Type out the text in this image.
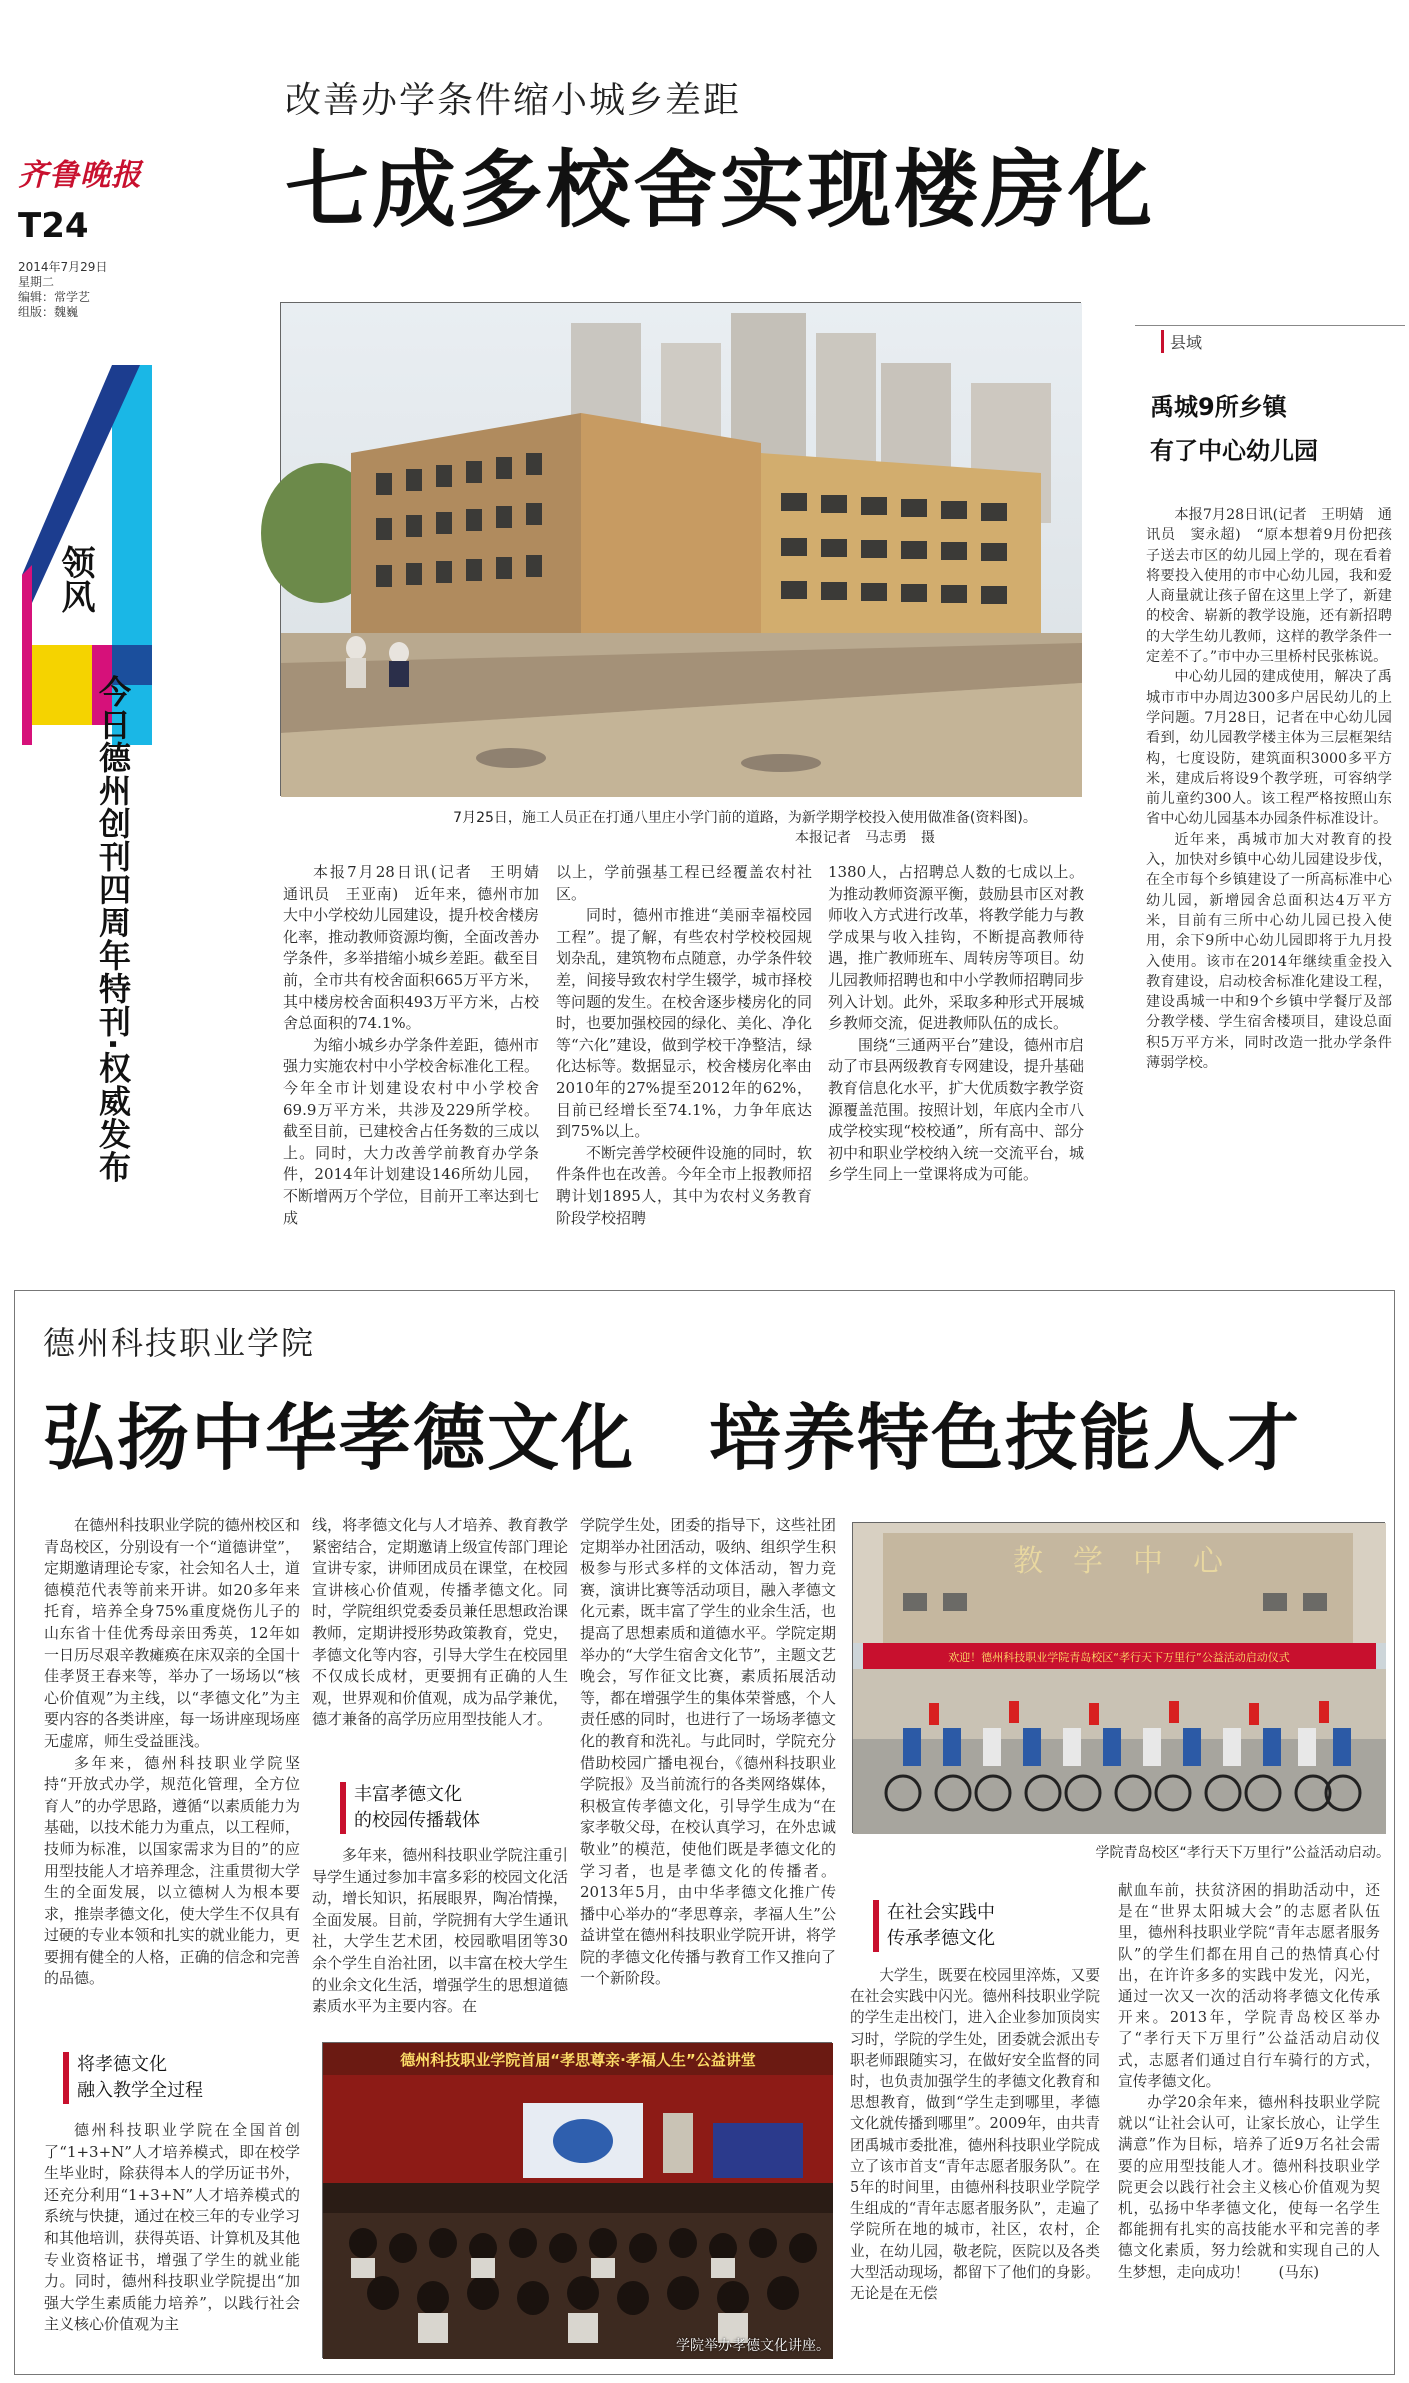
齐鲁晚报
T24
2014年7月29日
星期二
编辑：常学艺
组版：魏巍
领风
今日德州创刊四周年特刊·权威发布
改善办学条件缩小城乡差距
七成多校舍实现楼房化
7月25日，施工人员正在打通八里庄小学门前的道路，为新学期学校投入使用做准备(资料图)。
本报记者　马志勇　摄

本报7月28日讯(记者　王明婧　通讯员　王亚南)　近年来，德州市加大中小学校幼儿园建设，提升校舍楼房化率，推动教师资源均衡，全面改善办学条件，多举措缩小城乡差距。截至目前，全市共有校舍面积665万平方米，其中楼房校舍面积493万平方米，占校舍总面积的74.1%。

为缩小城乡办学条件差距，德州市强力实施农村中小学校舍标准化工程。今年全市计划建设农村中小学校舍69.9万平方米，共涉及229所学校。截至目前，已建校舍占任务数的三成以上。同时，大力改善学前教育办学条件，2014年计划建设146所幼儿园，不断增两万个学位，目前开工率达到七成

以上，学前强基工程已经覆盖农村社区。

同时，德州市推进“美丽幸福校园工程”。提了解，有些农村学校校园规划杂乱，建筑物布点随意，办学条件较差，间接导致农村学生辍学，城市择校等问题的发生。在校舍逐步楼房化的同时，也要加强校园的绿化、美化、净化等“六化”建设，做到学校干净整洁，绿化达标等。数据显示，校舍楼房化率由2010年的27%提至2012年的62%，目前已经增长至74.1%，力争年底达到75%以上。

不断完善学校硬件设施的同时，软件条件也在改善。今年全市上报教师招聘计划1895人，其中为农村义务教育阶段学校招聘

1380人，占招聘总人数的七成以上。为推动教师资源平衡，鼓励县市区对教师收入方式进行改革，将教学能力与教学成果与收入挂钩，不断提高教师待遇，推广教师班车、周转房等项目。幼儿园教师招聘也和中小学教师招聘同步列入计划。此外，采取多种形式开展城乡教师交流，促进教师队伍的成长。

围绕“三通两平台”建设，德州市启动了市县两级教育专网建设，提升基础教育信息化水平，扩大优质数字教学资源覆盖范围。按照计划，年底内全市八成学校实现“校校通”，所有高中、部分初中和职业学校纳入统一交流平台，城乡学生同上一堂课将成为可能。

县域
禹城9所乡镇
有了中心幼儿园

本报7月28日讯(记者　王明婧　通讯员　窦永超)　“原本想着9月份把孩子送去市区的幼儿园上学的，现在看着将要投入使用的市中心幼儿园，我和爱人商量就让孩子留在这里上学了，新建的校舍、崭新的教学设施，还有新招聘的大学生幼儿教师，这样的教学条件一定差不了。”市中办三里桥村民张栋说。

中心幼儿园的建成使用，解决了禹城市市中办周边300多户居民幼儿的上学问题。7月28日，记者在中心幼儿园看到，幼儿园教学楼主体为三层框架结构，七度设防，建筑面积3000多平方米，建成后将设9个教学班，可容纳学前儿童约300人。该工程严格按照山东省中心幼儿园基本办园条件标准设计。

近年来，禹城市加大对教育的投入，加快对乡镇中心幼儿园建设步伐，在全市每个乡镇建设了一所高标准中心幼儿园，新增园舍总面积达4万平方米，目前有三所中心幼儿园已投入使用，余下9所中心幼儿园即将于九月投入使用。该市在2014年继续重金投入教育建设，启动校舍标准化建设工程，建设禹城一中和9个乡镇中学餐厅及部分教学楼、学生宿舍楼项目，建设总面积5万平方米，同时改造一批办学条件薄弱学校。

德州科技职业学院
弘扬中华孝德文化　培养特色技能人才

在德州科技职业学院的德州校区和青岛校区，分别设有一个“道德讲堂”，定期邀请理论专家，社会知名人士，道德模范代表等前来开讲。如20多年来托育，培养全身75%重度烧伤儿子的山东省十佳优秀母亲田秀英，12年如一日历尽艰辛教瘫痪在床双亲的全国十佳孝贤王春来等，举办了一场场以“核心价值观”为主线，以“孝德文化”为主要内容的各类讲座，每一场讲座现场座无虚席，师生受益匪浅。

多年来，德州科技职业学院坚持“开放式办学，规范化管理，全方位育人”的办学思路，遵循“以素质能力为基础，以技术能力为重点，以工程师，技师为标准，以国家需求为目的”的应用型技能人才培养理念，注重贯彻大学生的全面发展，以立德树人为根本要求，推崇孝德文化，使大学生不仅具有过硬的专业本领和扎实的就业能力，更要拥有健全的人格，正确的信念和完善的品德。

将孝德文化
融入教学全过程

德州科技职业学院在全国首创了“1+3+N”人才培养模式，即在校学生毕业时，除获得本人的学历证书外，还充分利用“1+3+N”人才培养模式的系统与快捷，通过在校三年的专业学习和其他培训，获得英语、计算机及其他专业资格证书，增强了学生的就业能力。同时，德州科技职业学院提出“加强大学生素质能力培养”，以践行社会主义核心价值观为主

线，将孝德文化与人才培养、教育教学紧密结合，定期邀请上级宣传部门理论宣讲专家，讲师团成员在课堂，在校园宣讲核心价值观，传播孝德文化。同时，学院组织党委委员兼任思想政治课教师，定期讲授形势政策教育，党史，孝德文化等内容，引导大学生在校园里不仅成长成材，更要拥有正确的人生观，世界观和价值观，成为品学兼优，德才兼备的高学历应用型技能人才。

丰富孝德文化
的校园传播载体

多年来，德州科技职业学院注重引导学生通过参加丰富多彩的校园文化活动，增长知识，拓展眼界，陶冶情操，全面发展。目前，学院拥有大学生通讯社，大学生艺术团，校园歌唱团等30余个学生自治社团，以丰富在校大学生的业余文化生活，增强学生的思想道德素质水平为主要内容。在

学院学生处，团委的指导下，这些社团定期举办社团活动，吸纳、组织学生积极参与形式多样的文体活动，智力竞赛，演讲比赛等活动项目，融入孝德文化元素，既丰富了学生的业余生活，也提高了思想素质和道德水平。学院定期举办的“大学生宿舍文化节”，主题文艺晚会，写作征文比赛，素质拓展活动等，都在增强学生的集体荣誉感，个人责任感的同时，也进行了一场场孝德文化的教育和洗礼。与此同时，学院充分借助校园广播电视台，《德州科技职业学院报》及当前流行的各类网络媒体，积极宣传孝德文化，引导学生成为“在家孝敬父母，在校认真学习，在外忠诚敬业”的模范，使他们既是孝德文化的学习者，也是孝德文化的传播者。2013年5月，由中华孝德文化推广传播中心举办的“孝思尊亲，孝福人生”公益讲堂在德州科技职业学院开讲，将学院的孝德文化传播与教育工作又推向了一个新阶段。

教　学　中　心
欢迎！德州科技职业学院青岛校区“孝行天下万里行”公益活动启动仪式
学院青岛校区“孝行天下万里行”公益活动启动。
在社会实践中
传承孝德文化

大学生，既要在校园里淬炼，又要在社会实践中闪光。德州科技职业学院的学生走出校门，进入企业参加顶岗实习时，学院的学生处，团委就会派出专职老师跟随实习，在做好安全监督的同时，也负责加强学生的孝德文化教育和思想教育，做到“学生走到哪里，孝德文化就传播到哪里”。2009年，由共青团禹城市委批准，德州科技职业学院成立了该市首支“青年志愿者服务队”。在5年的时间里，由德州科技职业学院学生组成的“青年志愿者服务队”，走遍了学院所在地的城市，社区，农村，企业，在幼儿园，敬老院，医院以及各类大型活动现场，都留下了他们的身影。无论是在无偿

献血车前，扶贫济困的捐助活动中，还是在“世界太阳城大会”的志愿者队伍里，德州科技职业学院“青年志愿者服务队”的学生们都在用自己的热情真心付出，在许许多多的实践中发光，闪光，通过一次又一次的活动将孝德文化传承开来。2013年，学院青岛校区举办了“孝行天下万里行”公益活动启动仪式，志愿者们通过自行车骑行的方式，宣传孝德文化。

办学20余年来，德州科技职业学院就以“让社会认可，让家长放心，让学生满意”作为目标，培养了近9万名社会需要的应用型技能人才。德州科技职业学院更会以践行社会主义核心价值观为契机，弘扬中华孝德文化，使每一名学生都能拥有扎实的高技能水平和完善的孝德文化素质，努力绘就和实现自己的人生梦想，走向成功！　　(马东)

德州科技职业学院首届“孝思尊亲·孝福人生”公益讲堂
学院举办孝德文化讲座。
